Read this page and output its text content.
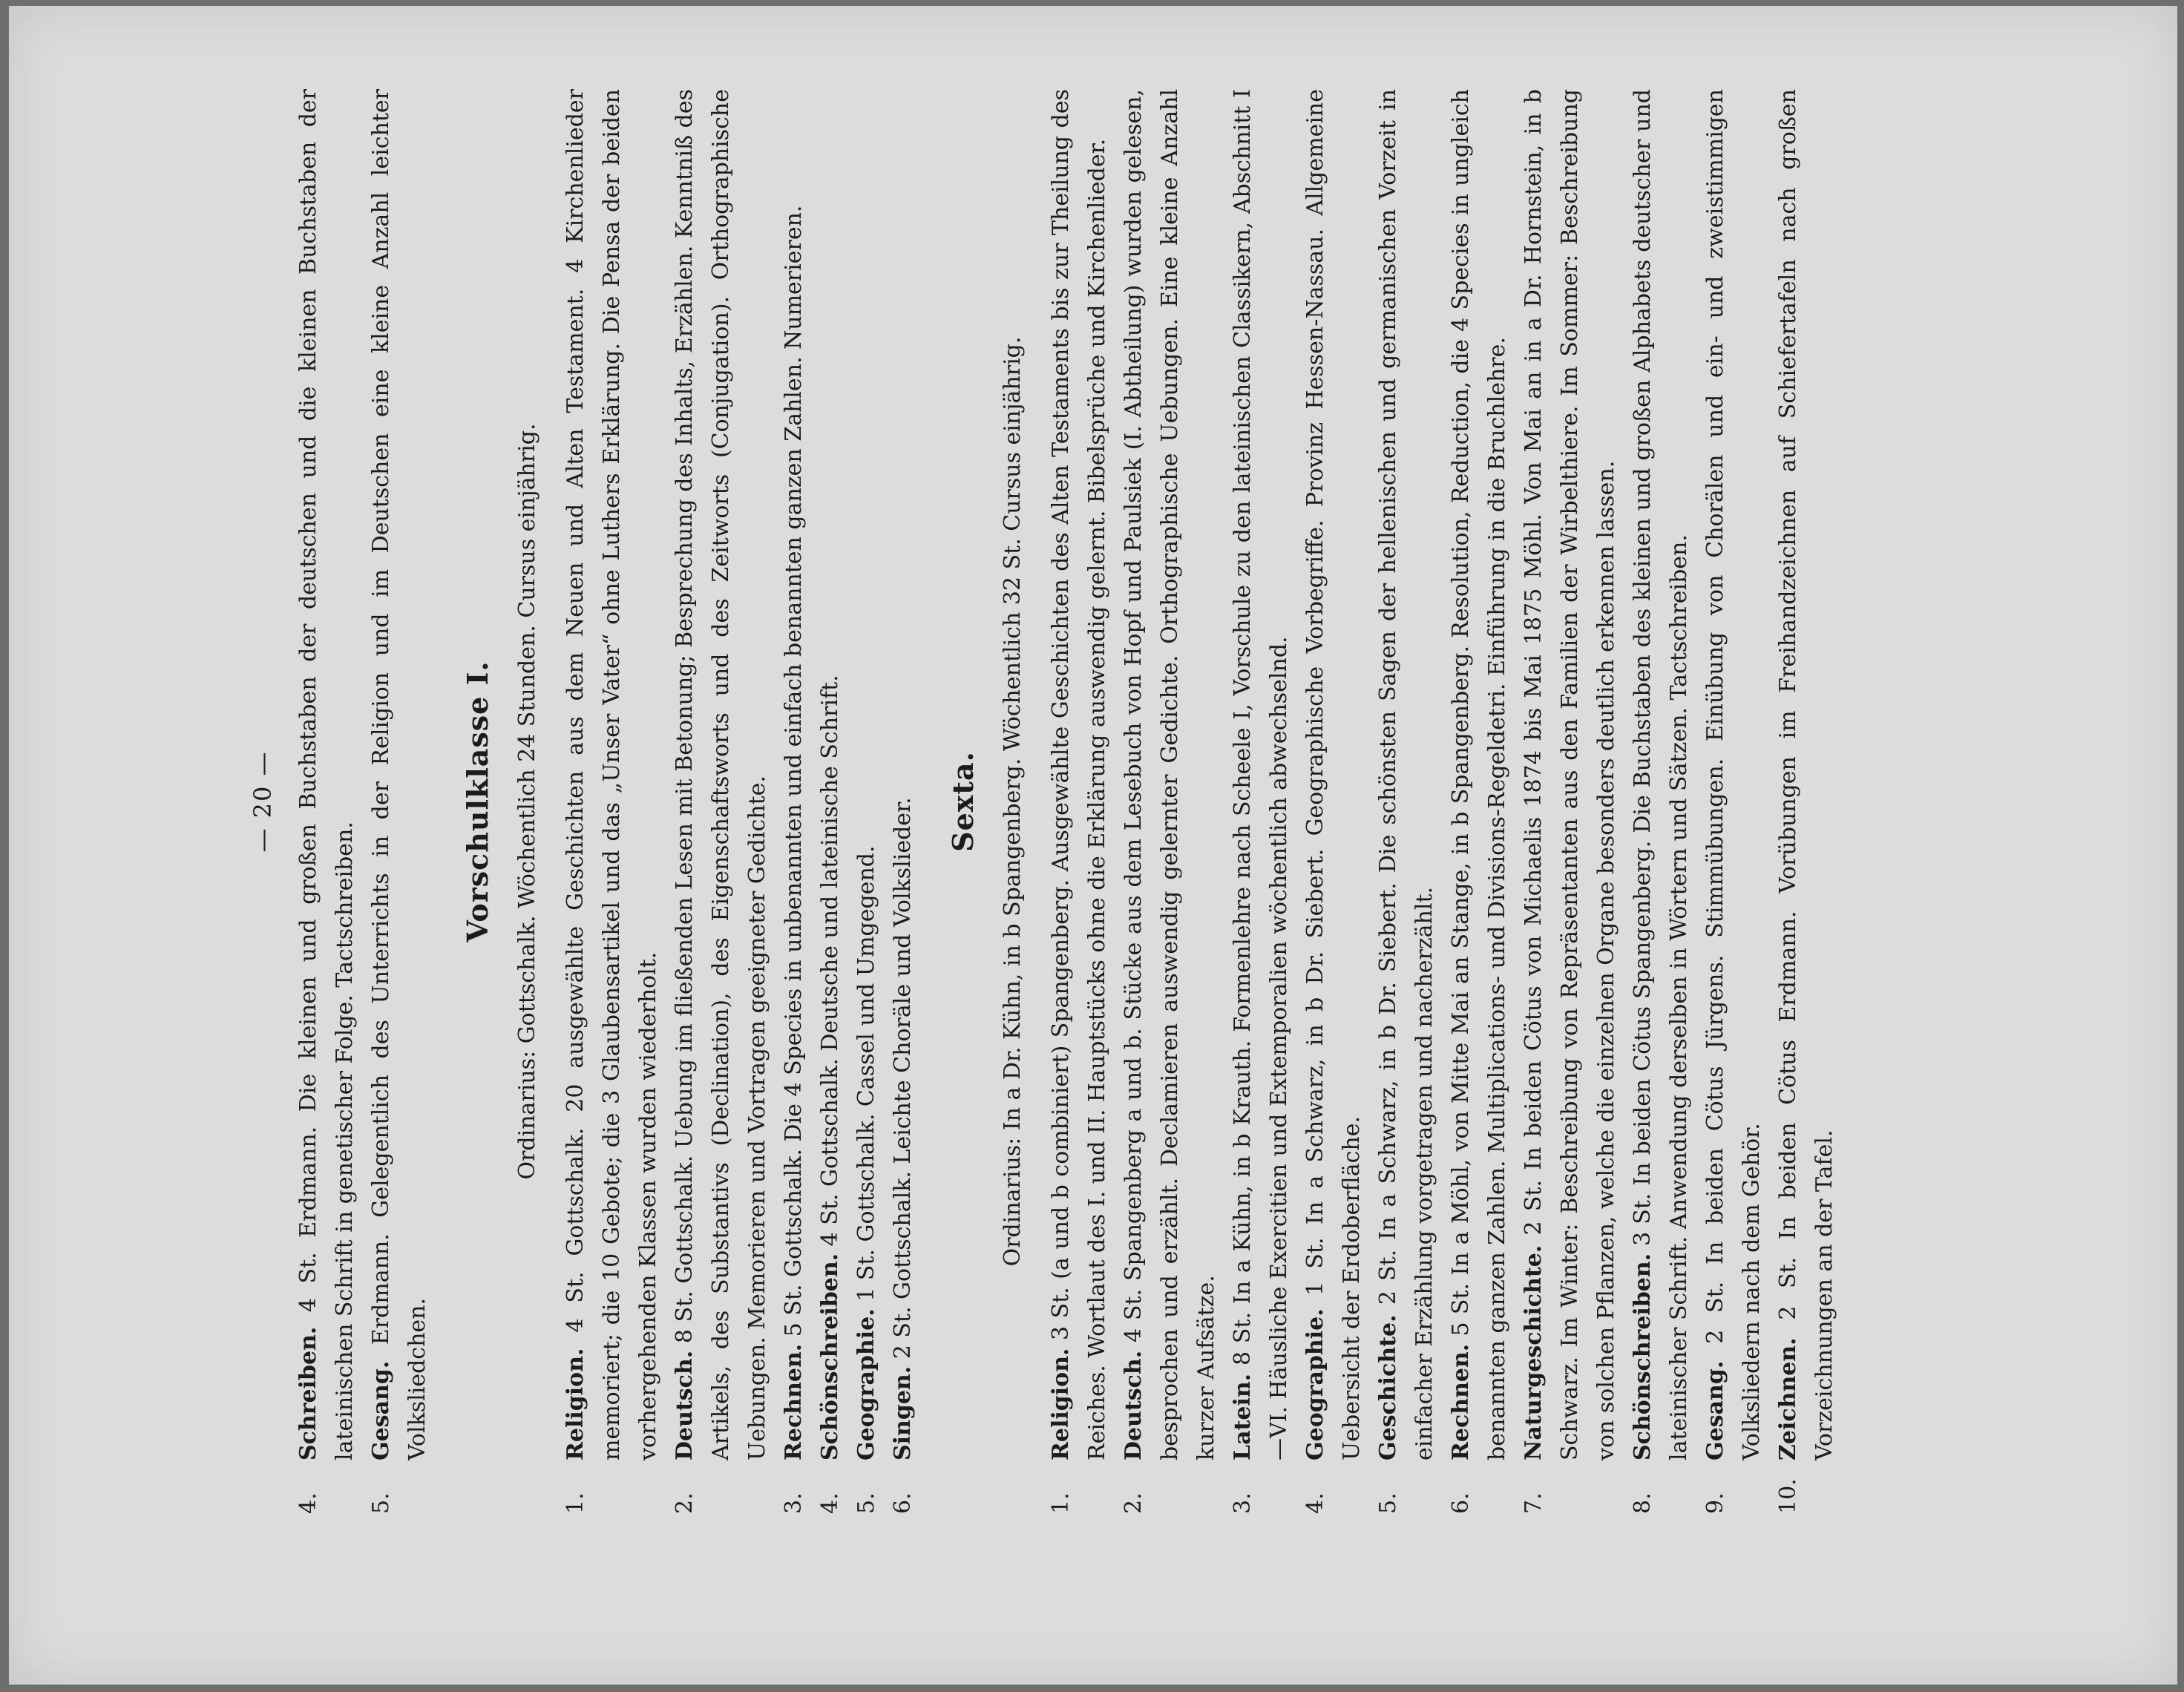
— 20 —

4.
Schreiben. 4 St. Erdmann. Die kleinen und großen Buchstaben der deutschen und die kleinen Buchstaben der lateinischen Schrift in genetischer Folge. Tactschreiben.

5.
Gesang. Erdmann. Gelegentlich des Unterrichts in der Religion und im Deutschen eine kleine Anzahl leichter Volksliedchen.

Vorschulklasse I. Ordinarius: Gottschalk. Wöchentlich 24 Stunden. Cursus einjährig.

1.
Religion. 4 St. Gottschalk. 20 ausgewählte Geschichten aus dem Neuen und Alten Testament. 4 Kirchenlieder memoriert; die 10 Gebote; die 3 Glaubensartikel und das „Unser Vater“ ohne Luthers Erklärung. Die Pensa der beiden vorhergehenden Klassen wurden wiederholt.

2.
Deutsch. 8 St. Gottschalk. Uebung im fließenden Lesen mit Betonung; Besprechung des Inhalts, Erzählen. Kenntniß des Artikels, des Substantivs (Declination), des Eigenschaftsworts und des Zeitworts (Conjugation). Orthographische Uebungen. Memorieren und Vortragen geeigneter Gedichte.

3.
Rechnen. 5 St. Gottschalk. Die 4 Species in unbenannten und einfach benannten ganzen Zahlen. Numerieren.

4.
Schönschreiben. 4 St. Gottschalk. Deutsche und lateinische Schrift.

5.
Geographie. 1 St. Gottschalk. Cassel und Umgegend.

6.
Singen. 2 St. Gottschalk. Leichte Choräle und Volkslieder. Sexta. Ordinarius: In a Dr. Kühn, in b Spangenberg. Wöchentlich 32 St. Cursus einjährig.

1.
Religion. 3 St. (a und b combiniert) Spangenberg. Ausgewählte Geschichten des Alten Testaments bis zur Theilung des Reiches. Wortlaut des I. und II. Hauptstücks ohne die Erklärung auswendig gelernt. Bibelsprüche und Kirchenlieder.

2.
Deutsch. 4 St. Spangenberg a und b. Stücke aus dem Lesebuch von Hopf und Paulsiek (I. Abtheilung) wurden gelesen, besprochen und erzählt. Declamieren auswendig gelernter Gedichte. Orthographische Uebungen. Eine kleine Anzahl kurzer Aufsätze.

3.
Latein. 8 St. In a Kühn, in b Krauth. Formenlehre nach Scheele I, Vorschule zu den lateinischen Classikern, Abschnitt I—VI. Häusliche Exercitien und Extemporalien wöchentlich abwechselnd.

4.
Geographie. 1 St. In a Schwarz, in b Dr. Siebert. Geographische Vorbegriffe. Provinz Hessen-Nassau. Allgemeine Uebersicht der Erdoberfläche.

5.
Geschichte. 2 St. In a Schwarz, in b Dr. Siebert. Die schönsten Sagen der hellenischen und germanischen Vorzeit in einfacher Erzählung vorgetragen und nacherzählt.

6.
Rechnen. 5 St. In a Möhl, von Mitte Mai an Stange, in b Spangenberg. Resolution, Reduction, die 4 Species in ungleich benannten ganzen Zahlen. Multiplications- und Divisions-Regeldetri. Einführung in die Bruchlehre.

7.
Naturgeschichte. 2 St. In beiden Cötus von Michaelis 1874 bis Mai 1875 Möhl. Von Mai an in a Dr. Hornstein, in b Schwarz. Im Winter: Beschreibung von Repräsentanten aus den Familien der Wirbelthiere. Im Sommer: Beschreibung von solchen Pflanzen, welche die einzelnen Organe besonders deutlich erkennen lassen.

8.
Schönschreiben. 3 St. In beiden Cötus Spangenberg. Die Buchstaben des kleinen und großen Alphabets deutscher und lateinischer Schrift. Anwendung derselben in Wörtern und Sätzen. Tactschreiben.

9.
Gesang. 2 St. In beiden Cötus Jürgens. Stimmübungen. Einübung von Chorälen und ein- und zweistimmigen Volksliedern nach dem Gehör.

10.
Zeichnen. 2 St. In beiden Cötus Erdmann. Vorübungen im Freihandzeichnen auf Schiefertafeln nach großen Vorzeichnungen an der Tafel.
